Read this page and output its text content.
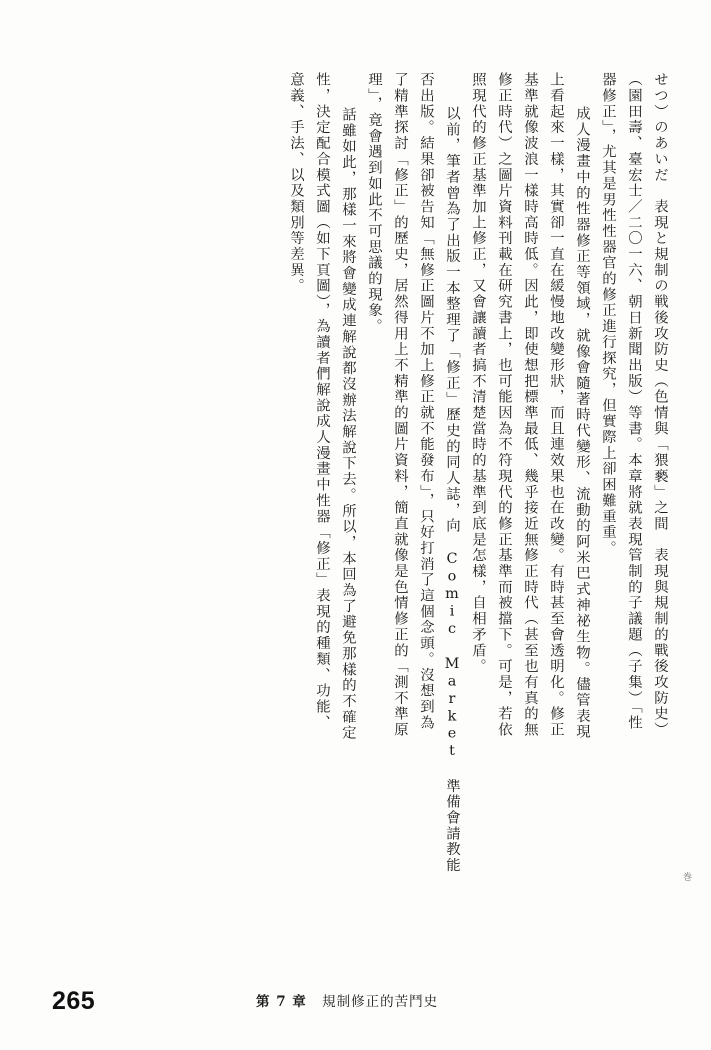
せつ）のあいだ　表現と規制の戦後攻防史（色情與「猥褻」之間　表現與規制的戰後攻防史）
（園田壽、臺宏士／二〇一六、朝日新聞出版）等書。本章將就表現管制的子議題（子集）「性
器修正」，尤其是男性性器官的修正進行探究，但實際上卻困難重重。
　成人漫畫中的性器修正等領域，就像會隨著時代變形、流動的阿米巴式神祕生物。儘管表現
上看起來一樣，其實卻一直在緩慢地改變形狀，而且連效果也在改變。有時甚至會透明化。修正
基準就像波浪一樣時高時低。因此，即使想把標準最低、幾乎接近無修正時代（甚至也有真的無
修正時代）之圖片資料刊載在研究書上，也可能因為不符現代的修正基準而被擋下。可是，若依
照現代的修正基準加上修正，又會讓讀者搞不清楚當時的基準到底是怎樣，自相矛盾。
　以前，筆者曾為了出版一本整理了「修正」歷史的同人誌，向 Comic Market 準備會請教能
否出版。結果卻被告知「無修正圖片不加上修正就不能發布」，只好打消了這個念頭。沒想到為
了精準探討「修正」的歷史，居然得用上不精準的圖片資料，簡直就像是色情修正的「測不準原
理」，竟會遇到如此不可思議的現象。
　話雖如此，那樣一來將會變成連解說都沒辦法解說下去。所以，本回為了避免那樣的不確定
性，決定配合模式圖（如下頁圖），為讀者們解說成人漫畫中性器「修正」表現的種類、功能、
意義、手法、以及類別等差異。
巻
265	第 7 章 規制修正的苦鬥史
